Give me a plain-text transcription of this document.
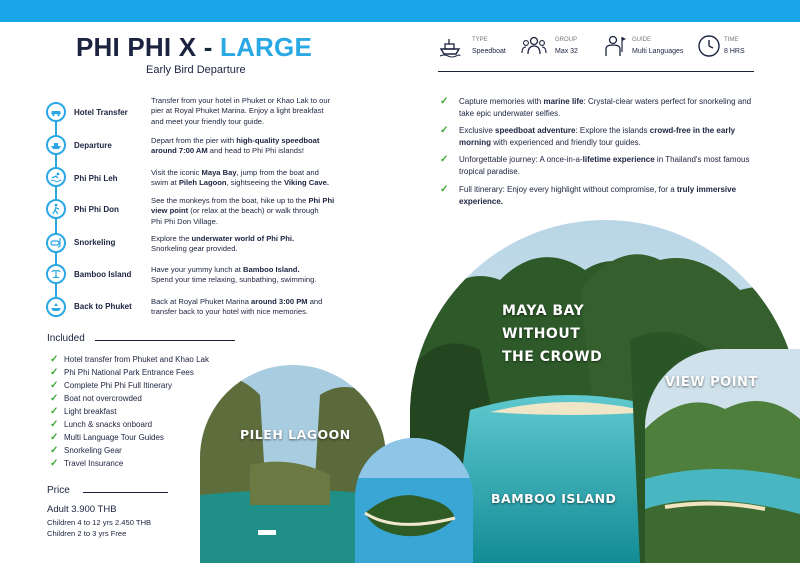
PHI PHI X - LARGE
Early Bird Departure
TYPE
Speedboat
GROUP
Max 32
GUIDE
Multi Languages
TIME
8 HRS
Hotel Transfer
Transfer from your hotel in Phuket or Khao Lak to our
pier at Royal Phuket Marina. Enjoy a light breakfast
and meet your friendly tour guide.
Departure
Depart from the pier with high-quality speedboat
around 7:00 AM and head to Phi Phi islands!
Phi Phi Leh
Visit the iconic Maya Bay, jump from the boat and
swim at Pileh Lagoon, sightseeing the Viking Cave.
Phi Phi Don
See the monkeys from the boat, hike up to the Phi Phi
view point (or relax at the beach) or walk through
Phi Phi Don Village.
Snorkeling	Explore the underwater world of Phi Phi.
Snorkeling gear provided.
Bamboo Island
Have your yummy lunch at Bamboo Island.
Spend your time relaxing, sunbathing, swimming.
Back to Phuket
Back at Royal Phuket Marina around 3:00 PM and
transfer back to your hotel with nice memories.
Included
✓ Hotel transfer from Phuket and Khao Lak
✓ Phi Phi National Park Entrance Fees
✓ Complete Phi Phi Full Itinerary
✓ Boat not overcrowded
✓ Light breakfast
✓ Lunch & snacks onboard
✓ Multi Language Tour Guides
✓ Snorkeling Gear
✓ Travel Insurance
Price
Adult 3.900 THB
Children 4 to 12 yrs 2.450 THB
Children 2 to 3 yrs Free
✓	Capture memories with marine life: Crystal-clear waters perfect for snorkeling and take epic underwater selfies.
✓	Exclusive speedboat adventure: Explore the islands crowd-free in the early morning with experienced and friendly tour guides.
✓	Unforgettable journey: A once-in-a-lifetime experience in Thailand's most famous tropical paradise.
✓	Full itinerary: Enjoy every highlight without compromise, for a truly immersive experience.
MAYA BAY
WITHOUT
THE CROWD
VIEW POINT
PILEH LAGOON
BAMBOO ISLAND
